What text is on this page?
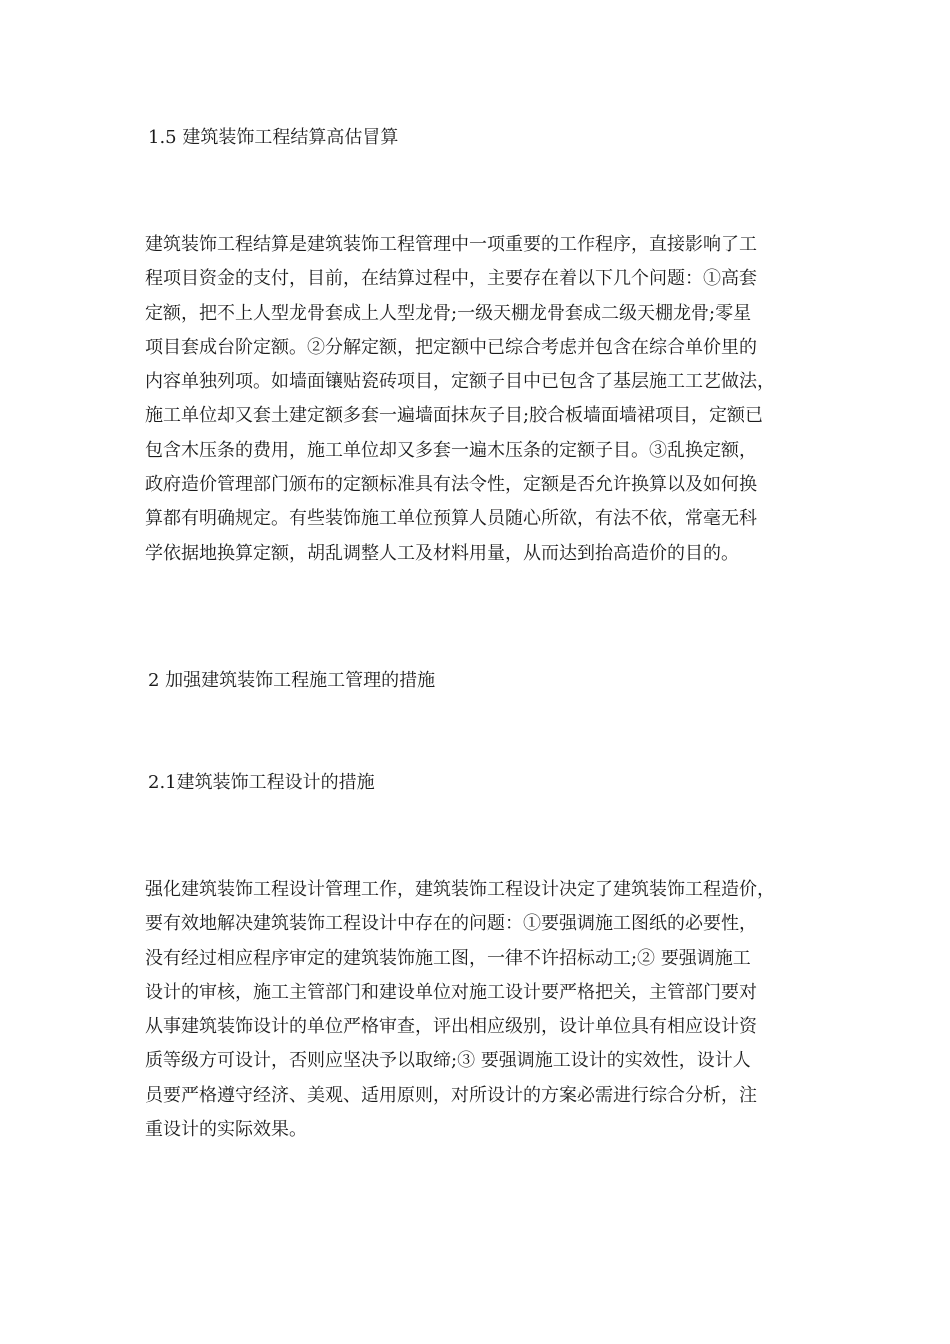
1.5 建筑装饰工程结算高估冒算
建筑装饰工程结算是建筑装饰工程管理中一项重要的工作程序，直接影响了工
程项目资金的支付，目前，在结算过程中，主要存在着以下几个问题：①高套
定额，把不上人型龙骨套成上人型龙骨;一级天棚龙骨套成二级天棚龙骨;零星
项目套成台阶定额。②分解定额，把定额中已综合考虑并包含在综合单价里的
内容单独列项。如墙面镶贴瓷砖项目，定额子目中已包含了基层施工工艺做法，
施工单位却又套土建定额多套一遍墙面抹灰子目;胶合板墙面墙裙项目，定额已
包含木压条的费用，施工单位却又多套一遍木压条的定额子目。③乱换定额，
政府造价管理部门颁布的定额标准具有法令性，定额是否允许换算以及如何换
算都有明确规定。有些装饰施工单位预算人员随心所欲，有法不依，常毫无科
学依据地换算定额，胡乱调整人工及材料用量，从而达到抬高造价的目的。
2 加强建筑装饰工程施工管理的措施
2.1建筑装饰工程设计的措施
强化建筑装饰工程设计管理工作，建筑装饰工程设计决定了建筑装饰工程造价，
要有效地解决建筑装饰工程设计中存在的问题：①要强调施工图纸的必要性，
没有经过相应程序审定的建筑装饰施工图，一律不许招标动工;② 要强调施工
设计的审核，施工主管部门和建设单位对施工设计要严格把关，主管部门要对
从事建筑装饰设计的单位严格审查，评出相应级别，设计单位具有相应设计资
质等级方可设计，否则应坚决予以取缔;③ 要强调施工设计的实效性，设计人
员要严格遵守经济、美观、适用原则，对所设计的方案必需进行综合分析，注
重设计的实际效果。
